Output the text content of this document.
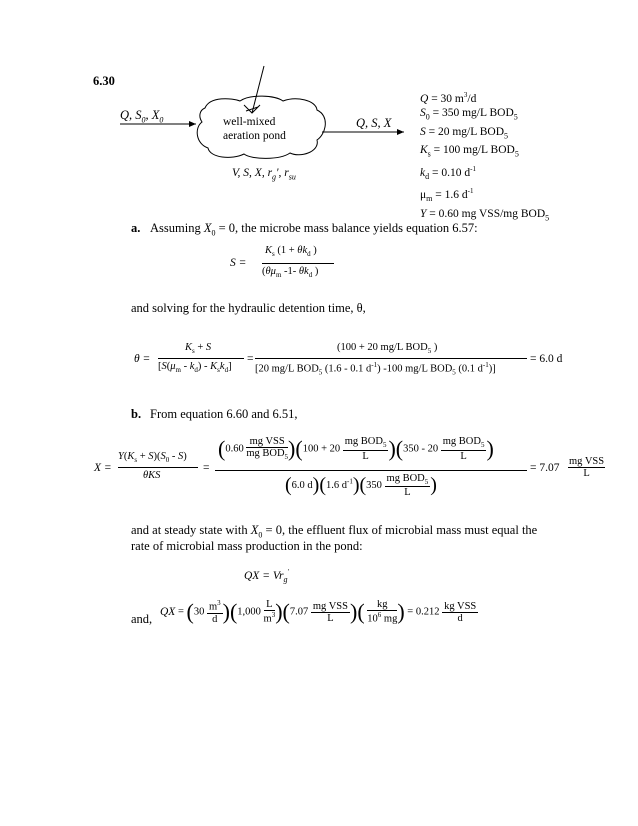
6.30
Q, $S_0$, $X_0$	well-mixed
aeration pond
Q, S, X
V, S, X, $r_g'$, $r_{su}$
Q = 30 $m^3/d$
$S_0 = 350$ mg/L $BOD_5$
S = 20 mg/L $BOD_5$
$K_s = 100$ mg/L $BOD_5$
$k_d = 0.10$ $d^{-1}$
$\mu_m = 1.6$ $d^{-1}$
Y = 0.60 mg VSS/mg $BOD_5$
a. Assuming $X_0 = 0$, the microbe mass balance yields equation 6.57:
S =
$K_s$ ($1 + \theta k_d$ )
($\theta\mu_m$ -1- $\theta k_d$ )
and solving for the hydraulic detention time, θ,
θ =
$K_s + S$
$[S(\mu_m - k_d) - K_sk_d]$
=
(100 + 20 mg/L $BOD_5$ )
[20 mg/L $BOD_5$ (1.6 - 0.1 $d^{-1}$) -100 mg/L $BOD_5$ (0.1 $d^{-1}$)]
= 6.0 d
b. From equation 6.60 and 6.51,
X =
$Y(K_s + S)(S_0 - S)$
θKS
=
(0.60
mg VSS
mg $BOD_5$ )(100 + 20
mg $BOD_5$
L )(350 - 20
mg $BOD_5$
L )
(6.0 d)(1.6 $d^{-1})(350$
mg $BOD_5$
L )
= 7.07
mg VSS
L
and at steady state with $X_0 = 0$, the effluent flux of microbial mass must equal the
rate of microbial mass production in the pond:
QX = $Vr_g'$
and, QX = $(30 \frac{m^3}{d} )(1,000 \frac{L}{m^3} )(7.07$
mg VSS
L )( $\frac{kg}{10^6 mg}$ ) = 0.212
kg VSS
d
